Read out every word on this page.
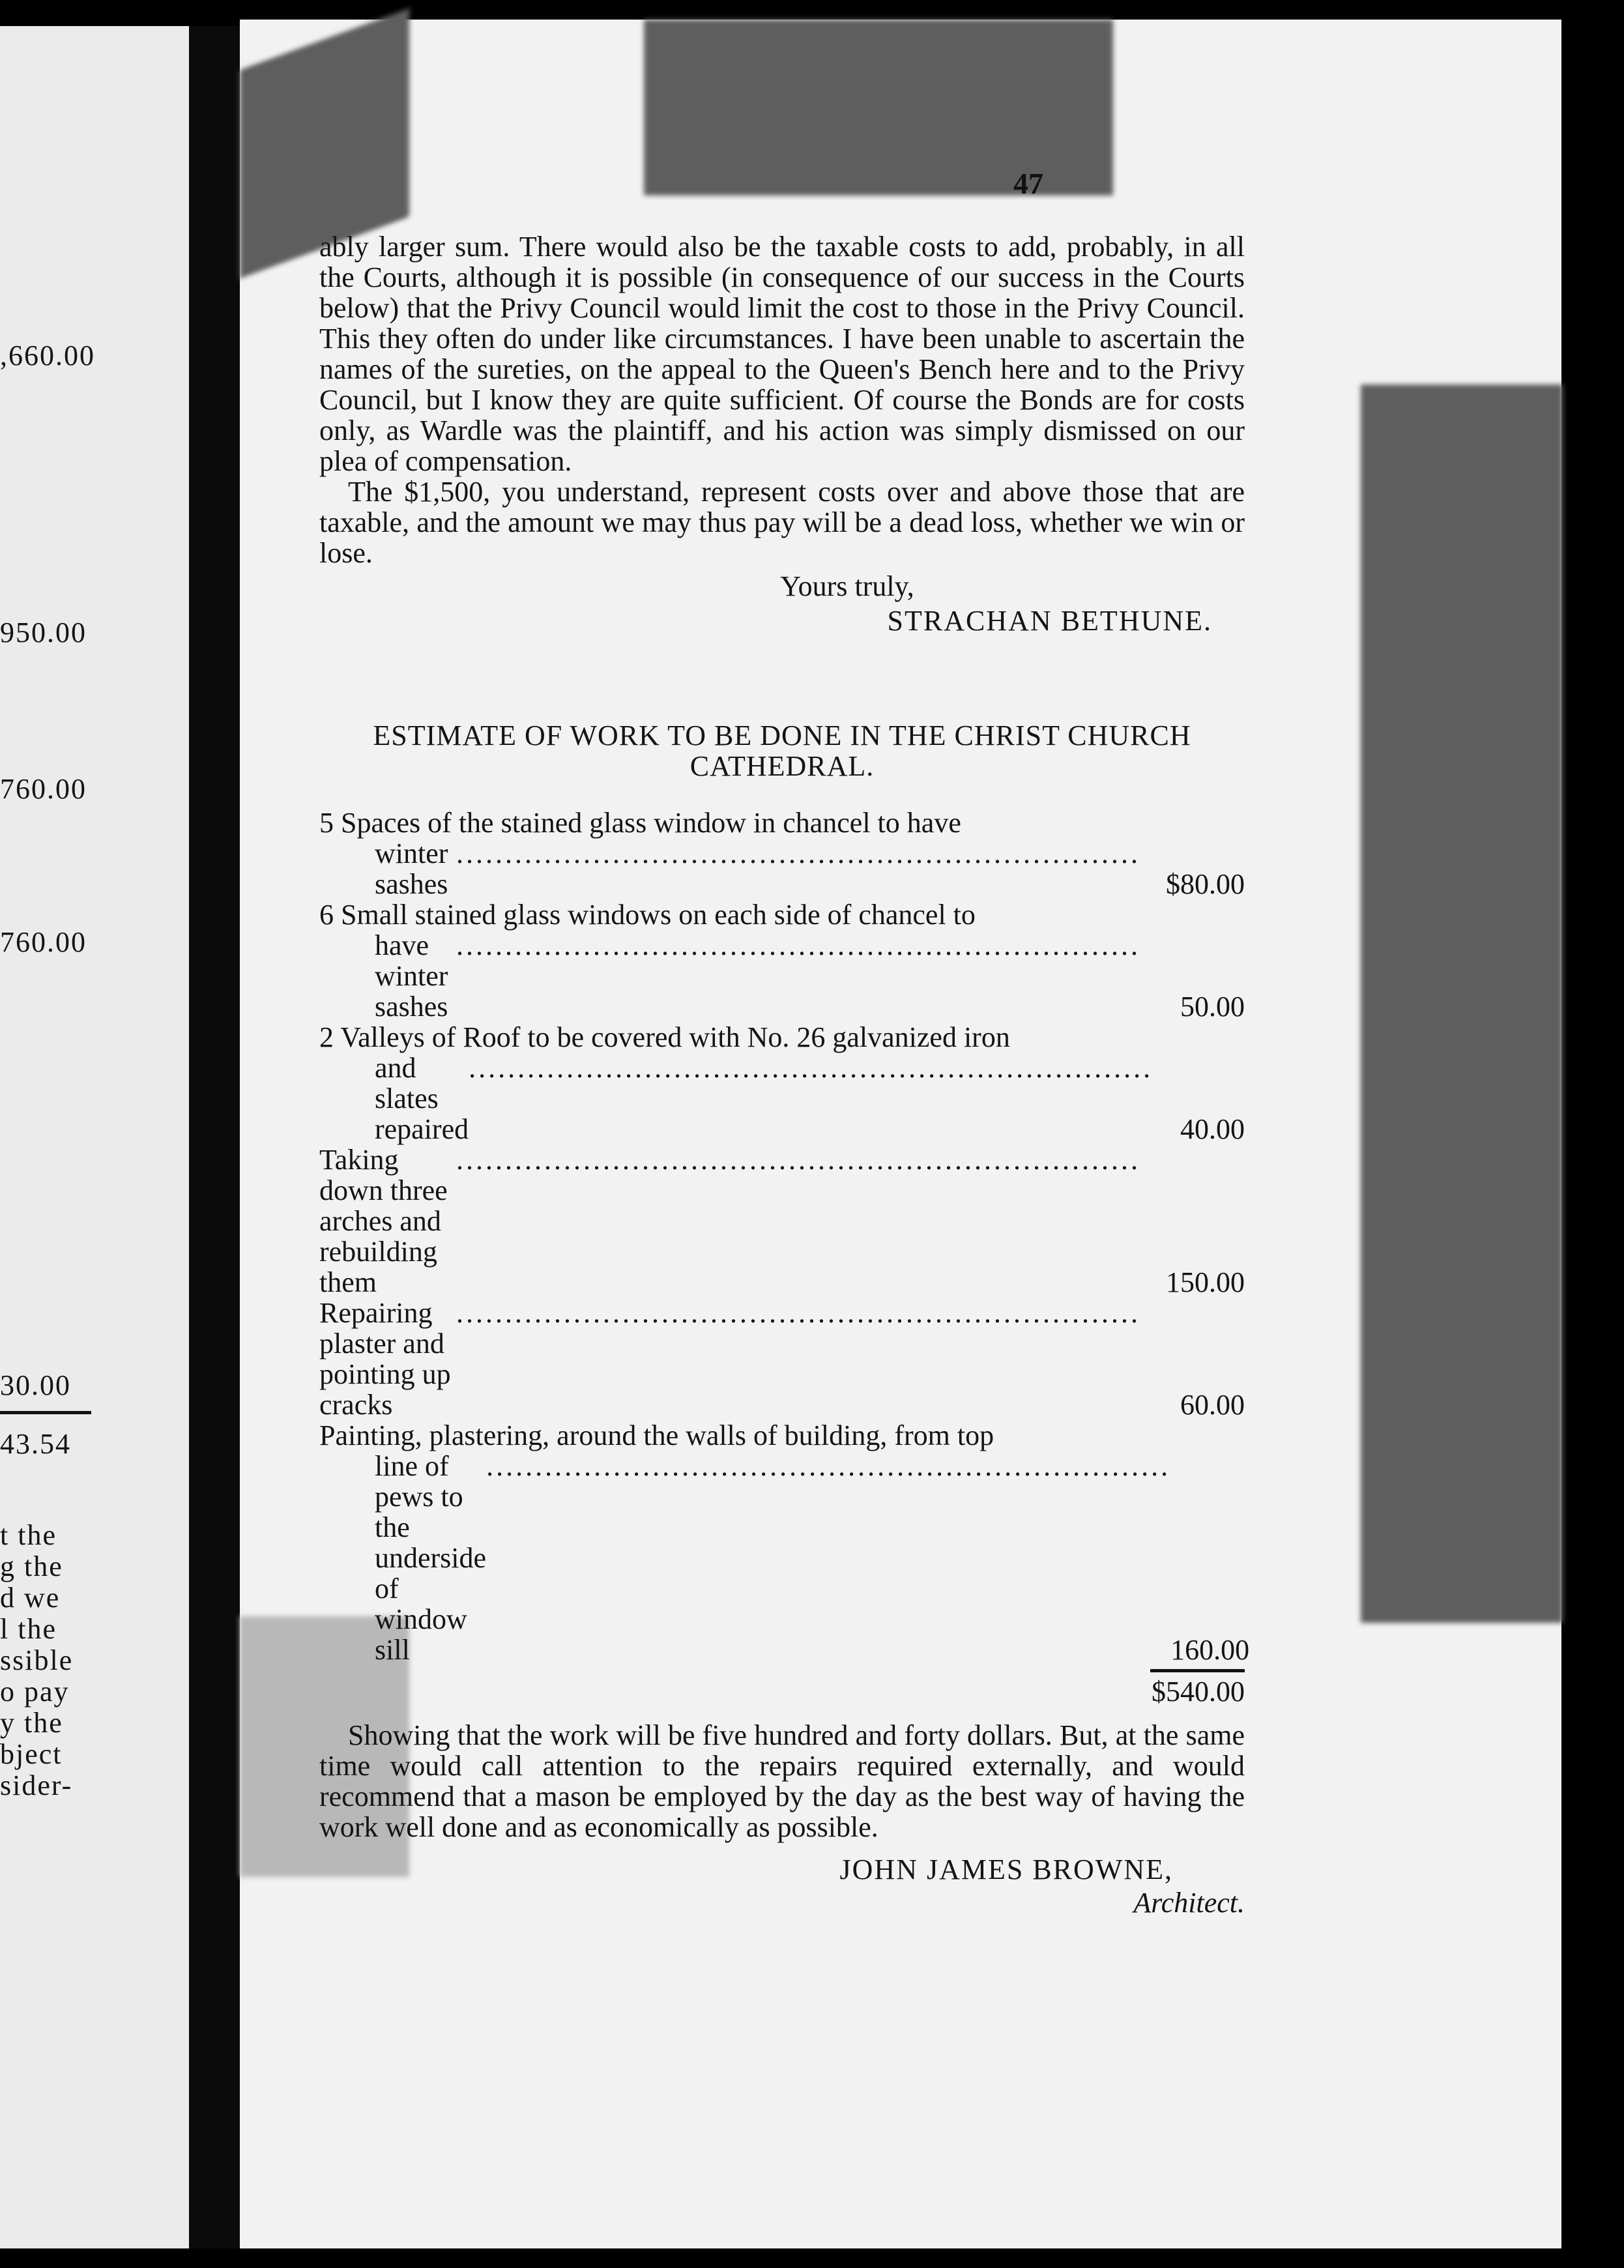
,660.00
950.00
760.00
760.00
30.00
43.54
t the
g the
d we
l the
ssible
o pay
y the
bject
sider-
47

ably larger sum. There would also be the taxable costs to add, probably, in all the Courts, although it is possible (in consequence of our success in the Courts below) that the Privy Council would limit the cost to those in the Privy Council. This they often do under like circumstances. I have been unable to ascertain the names of the sureties, on the appeal to the Queen's Bench here and to the Privy Council, but I know they are quite sufficient. Of course the Bonds are for costs only, as Wardle was the plaintiff, and his action was simply dismissed on our plea of compensation.

The $1,500, you understand, represent costs over and above those that are taxable, and the amount we may thus pay will be a dead loss, whether we win or lose.

Yours truly,
STRACHAN BETHUNE.
ESTIMATE OF WORK TO BE DONE IN THE CHRIST CHURCH
CATHEDRAL.
5 Spaces of the stained glass window in chancel to have
winter sashes
......................................................................
$80.00
6 Small stained glass windows on each side of chancel to
have winter sashes
......................................................................
50.00
2 Valleys of Roof to be covered with No. 26 galvanized iron
and slates repaired
......................................................................
40.00
Taking down three arches and rebuilding them
......................................................................
150.00
Repairing plaster and pointing up cracks
......................................................................
60.00
Painting, plastering, around the walls of building, from top
line of pews to the underside of window sill
......................................................................
160.00
$540.00

Showing that the work will be five hundred and forty dollars. But, at the same time would call attention to the repairs required externally, and would recommend that a mason be employed by the day as the best way of having the work well done and as economically as possible.

JOHN JAMES BROWNE,
Architect.
